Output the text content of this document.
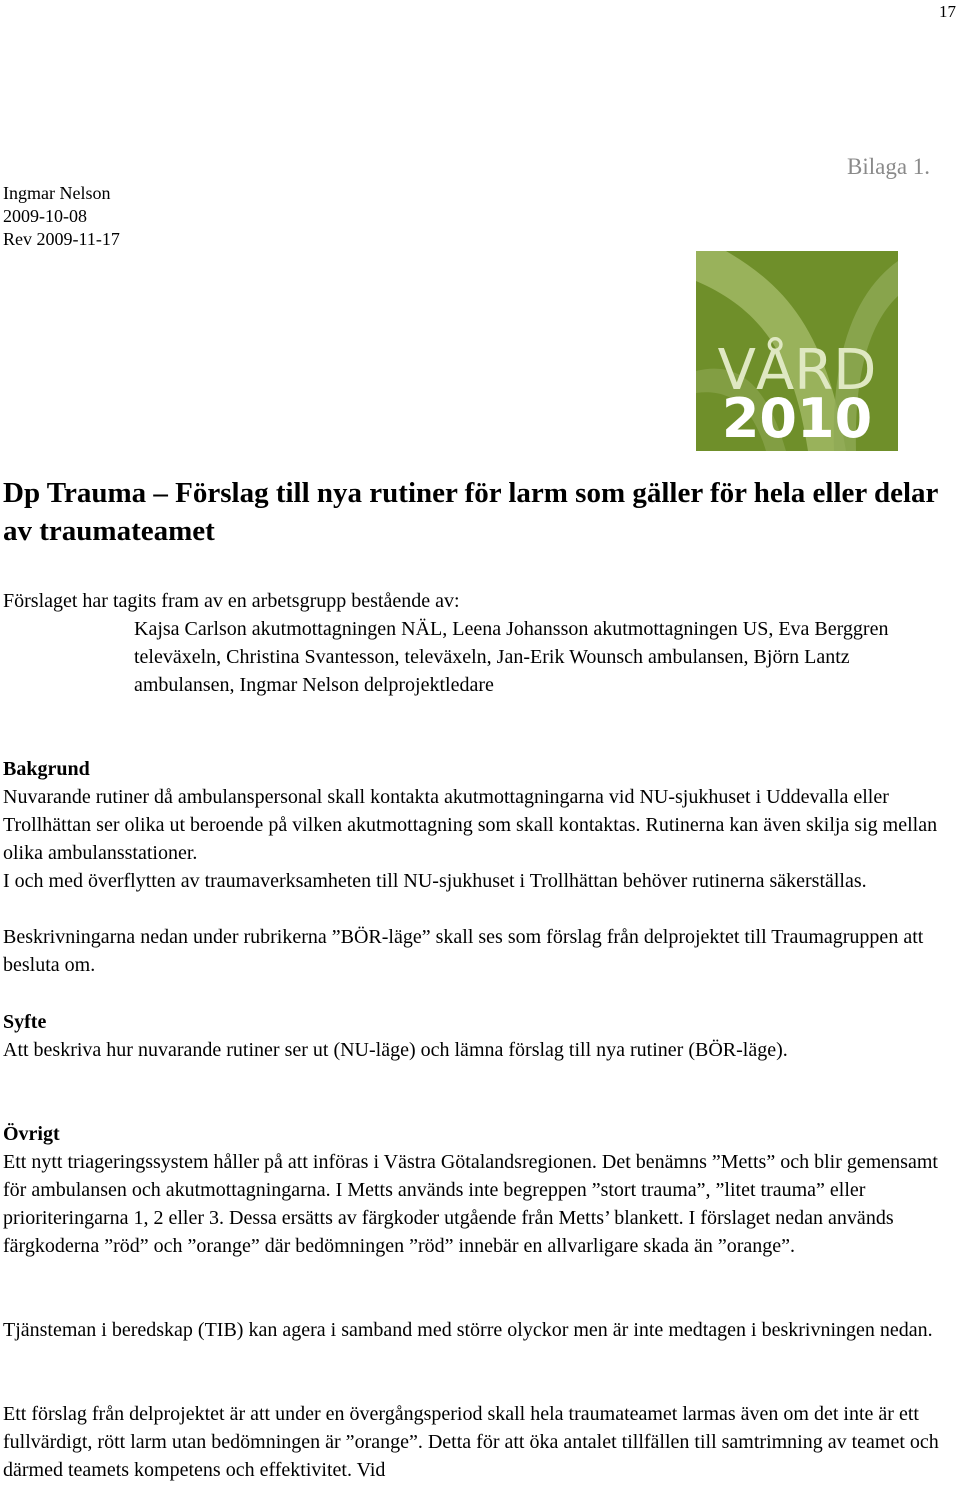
17
Ingmar Nelson
2009-10-08
Rev 2009-11-17
Bilaga 1.
VÅRD
2010
Dp Trauma – Förslag till nya rutiner för larm som gäller för hela eller delar av traumateamet

Förslaget har tagits fram av en arbetsgrupp bestående av:

Kajsa Carlson akutmottagningen NÄL, Leena Johansson akutmottagningen US, Eva Berggren televäxeln, Christina Svantesson, televäxeln, Jan-Erik Wounsch ambulansen, Björn Lantz ambulansen, Ingmar Nelson delprojektledare

Bakgrund

Nuvarande rutiner då ambulanspersonal skall kontakta akutmottagningarna vid NU-sjukhuset i Uddevalla eller Trollhättan ser olika ut beroende på vilken akutmottagning som skall kontaktas. Rutinerna kan även skilja sig mellan olika ambulansstationer.

I och med överflytten av traumaverksamheten till NU-sjukhuset i Trollhättan behöver rutinerna säkerställas.

Beskrivningarna nedan under rubrikerna ”BÖR-läge” skall ses som förslag från delprojektet till Traumagruppen att besluta om.

Syfte

Att beskriva hur nuvarande rutiner ser ut (NU-läge) och lämna förslag till nya rutiner (BÖR-läge).

Övrigt

Ett nytt triageringssystem håller på att införas i Västra Götalandsregionen. Det benämns ”Metts” och blir gemensamt för ambulansen och akutmottagningarna. I Metts används inte begreppen ”stort trauma”, ”litet trauma” eller prioriteringarna 1, 2 eller 3. Dessa ersätts av färgkoder utgående från Metts’ blankett. I förslaget nedan används färgkoderna ”röd” och ”orange” där bedömningen ”röd” innebär en allvarligare skada än ”orange”.

Tjänsteman i beredskap (TIB) kan agera i samband med större olyckor men är inte medtagen i beskrivningen nedan.

Ett förslag från delprojektet är att under en övergångsperiod skall hela traumateamet larmas även om det inte är ett fullvärdigt, rött larm utan bedömningen är ”orange”. Detta för att öka antalet tillfällen till samtrimning av teamet och därmed teamets kompetens och effektivitet. Vid
